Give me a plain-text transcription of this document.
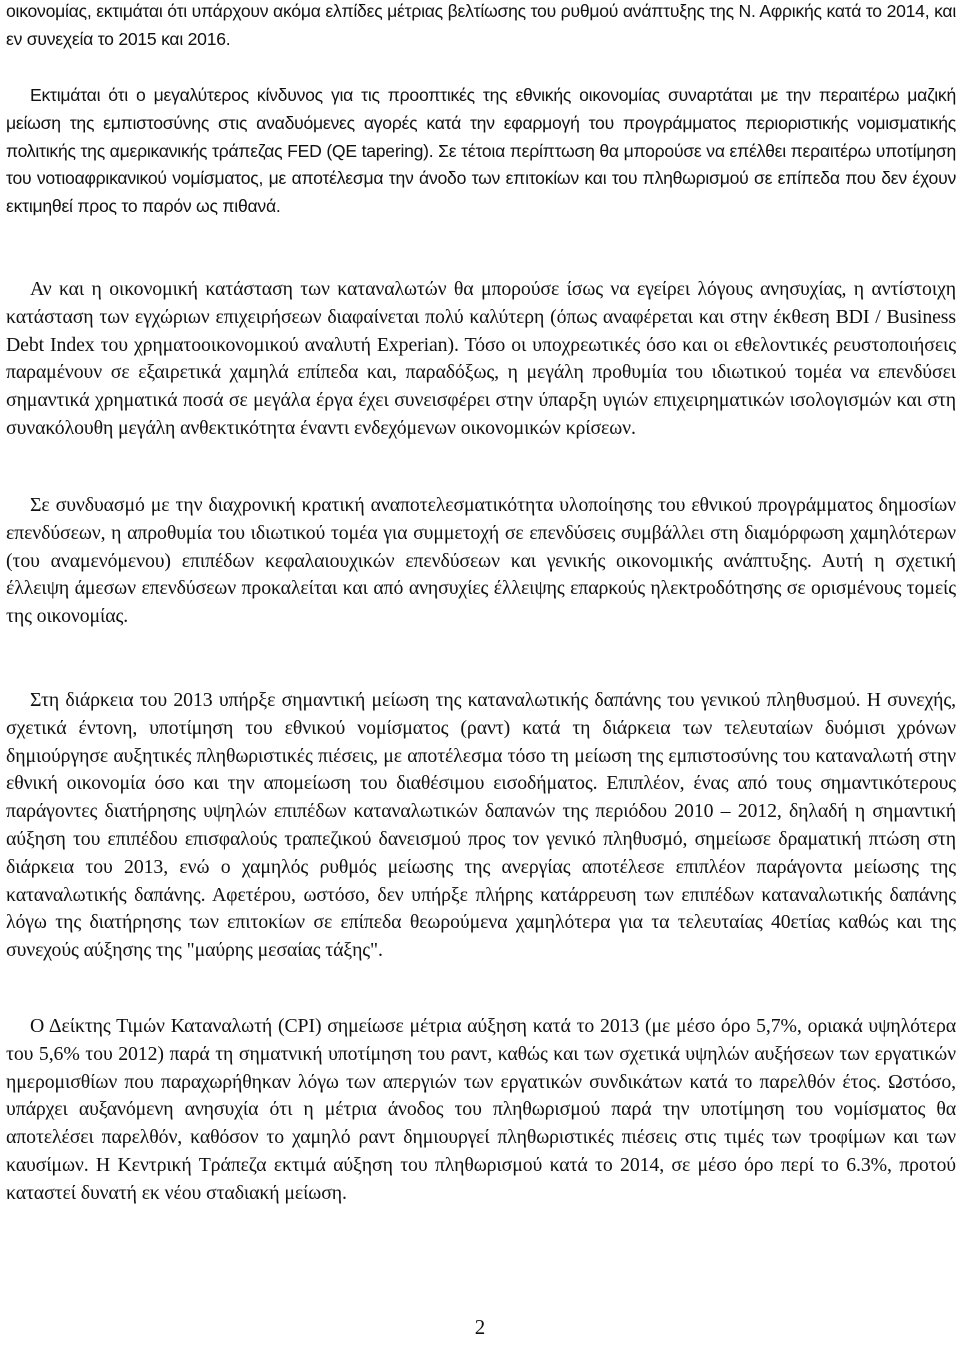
οικονομίας, εκτιμάται ότι υπάρχουν ακόμα ελπίδες μέτριας βελτίωσης του ρυθμού ανάπτυξης της Ν. Αφρικής κατά το 2014, και εν συνεχεία το 2015 και 2016.

Εκτιμάται ότι ο μεγαλύτερος κίνδυνος για τις προοπτικές της εθνικής οικονομίας συναρτάται με την περαιτέρω μαζική μείωση της εμπιστοσύνης στις αναδυόμενες αγορές κατά την εφαρμογή του προγράμματος περιοριστικής νομισματικής πολιτικής της αμερικανικής τράπεζας FED (QE tapering). Σε τέτοια περίπτωση θα μπορούσε να επέλθει περαιτέρω υποτίμηση του νοτιοαφρικανικού νομίσματος, με αποτέλεσμα την άνοδο των επιτοκίων και του πληθωρισμού σε επίπεδα που δεν έχουν εκτιμηθεί προς το παρόν ως πιθανά.

Αν και η οικονομική κατάσταση των καταναλωτών θα μπορούσε ίσως να εγείρει λόγους ανησυχίας, η αντίστοιχη κατάσταση των εγχώριων επιχειρήσεων διαφαίνεται πολύ καλύτερη (όπως αναφέρεται και στην έκθεση BDI / Business Debt Index του χρηματοοικονομικού αναλυτή Experian). Τόσο οι υποχρεωτικές όσο και οι εθελοντικές ρευστοποιήσεις παραμένουν σε εξαιρετικά χαμηλά επίπεδα και, παραδόξως, η μεγάλη προθυμία του ιδιωτικού τομέα να επενδύσει σημαντικά χρηματικά ποσά σε μεγάλα έργα έχει συνεισφέρει στην ύπαρξη υγιών επιχειρηματικών ισολογισμών και στη συνακόλουθη μεγάλη ανθεκτικότητα έναντι ενδεχόμενων οικονομικών κρίσεων.

Σε συνδυασμό με την διαχρονική κρατική αναποτελεσματικότητα υλοποίησης του εθνικού προγράμματος δημοσίων επενδύσεων, η απροθυμία του ιδιωτικού τομέα για συμμετοχή σε επενδύσεις συμβάλλει στη διαμόρφωση χαμηλότερων (του αναμενόμενου) επιπέδων κεφαλαιουχικών επενδύσεων και γενικής οικονομικής ανάπτυξης. Αυτή η σχετική έλλειψη άμεσων επενδύσεων προκαλείται και από ανησυχίες έλλειψης επαρκούς ηλεκτροδότησης σε ορισμένους τομείς της οικονομίας.

Στη διάρκεια του 2013 υπήρξε σημαντική μείωση της καταναλωτικής δαπάνης του γενικού πληθυσμού. Η συνεχής, σχετικά έντονη, υποτίμηση του εθνικού νομίσματος (ραντ) κατά τη διάρκεια των τελευταίων δυόμισι χρόνων δημιούργησε αυξητικές πληθωριστικές πιέσεις, με αποτέλεσμα τόσο τη μείωση της εμπιστοσύνης του καταναλωτή στην εθνική οικονομία όσο και την απομείωση του διαθέσιμου εισοδήματος. Επιπλέον, ένας από τους σημαντικότερους παράγοντες διατήρησης υψηλών επιπέδων καταναλωτικών δαπανών της περιόδου 2010 – 2012, δηλαδή η σημαντική αύξηση του επιπέδου επισφαλούς τραπεζικού δανεισμού προς τον γενικό πληθυσμό, σημείωσε δραματική πτώση στη διάρκεια του 2013, ενώ ο χαμηλός ρυθμός μείωσης της ανεργίας αποτέλεσε επιπλέον παράγοντα μείωσης της καταναλωτικής δαπάνης. Αφετέρου, ωστόσο, δεν υπήρξε πλήρης κατάρρευση των επιπέδων καταναλωτικής δαπάνης λόγω της διατήρησης των επιτοκίων σε επίπεδα θεωρούμενα χαμηλότερα για τα τελευταίας 40ετίας καθώς και της συνεχούς αύξησης της "μαύρης μεσαίας τάξης".

Ο Δείκτης Τιμών Καταναλωτή (CPI) σημείωσε μέτρια αύξηση κατά το 2013 (με μέσο όρο 5,7%, οριακά υψηλότερα του 5,6% του 2012) παρά τη σηματνική υποτίμηση του ραντ, καθώς και των σχετικά υψηλών αυξήσεων των εργατικών ημερομισθίων που παραχωρήθηκαν λόγω των απεργιών των εργατικών συνδικάτων κατά το παρελθόν έτος. Ωστόσο, υπάρχει αυξανόμενη ανησυχία ότι η μέτρια άνοδος του πληθωρισμού παρά την υποτίμηση του νομίσματος θα αποτελέσει παρελθόν, καθόσον το χαμηλό ραντ δημιουργεί πληθωριστικές πιέσεις στις τιμές των τροφίμων και των καυσίμων. Η Κεντρική Τράπεζα εκτιμά αύξηση του πληθωρισμού κατά το 2014, σε μέσο όρο περί το 6.3%, προτού καταστεί δυνατή εκ νέου σταδιακή μείωση.

2
